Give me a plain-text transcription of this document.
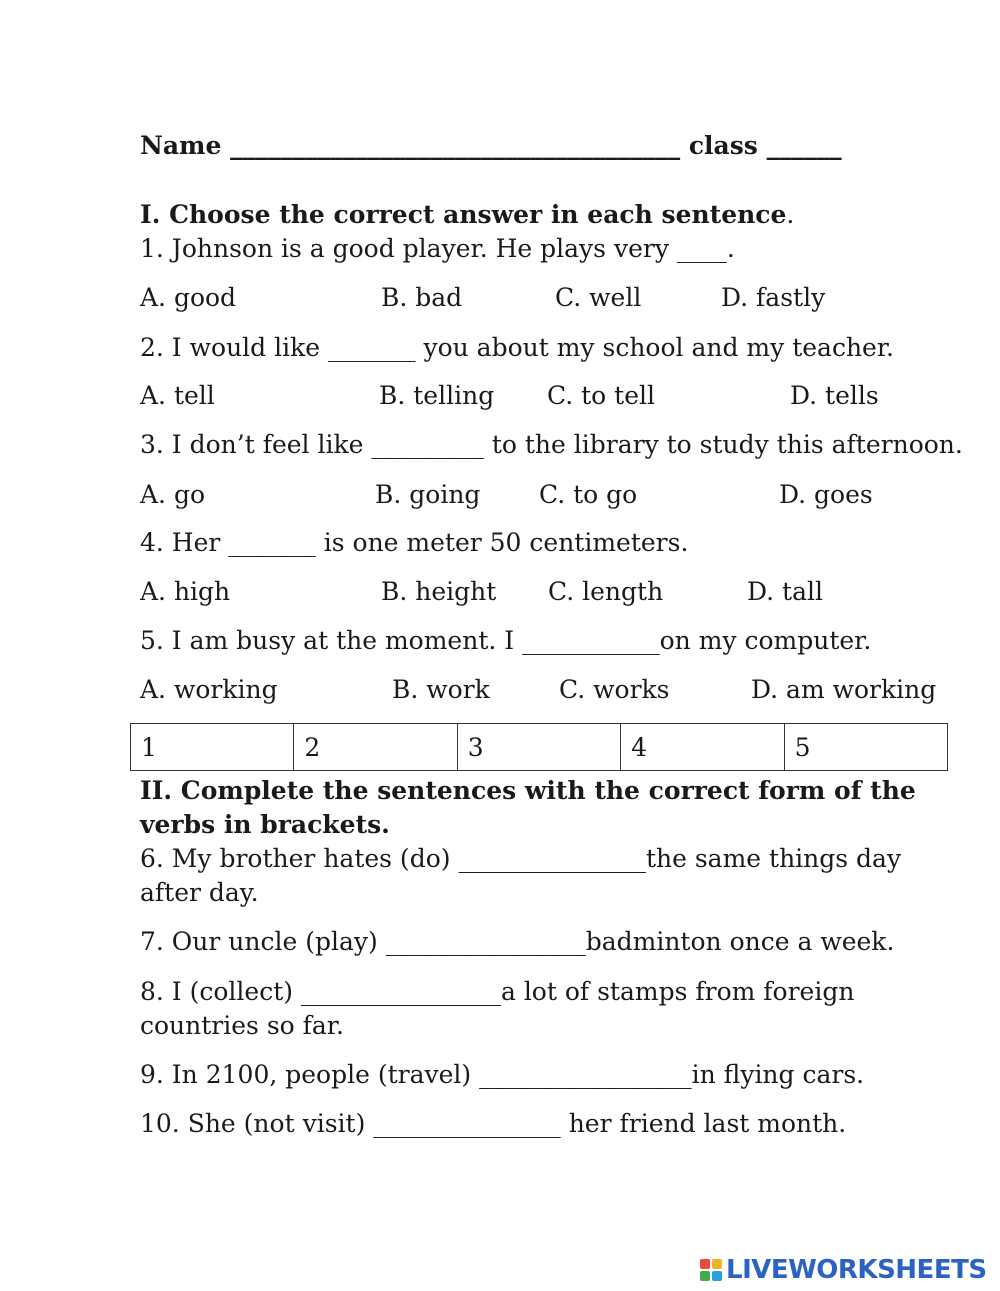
Name ____________________________________ class ______
I. Choose the correct answer in each sentence.
1. Johnson is a good player. He plays very ____.
A. good	B. bad	C. well	D. fastly
2. I would like _______ you about my school and my teacher.
A. tell	B. telling C. to tell	D. tells
3. I don’t feel like _________ to the library to study this afternoon.
A. go	B. going C. to go	D. goes
4. Her _______ is one meter 50 centimeters.
A. high	B. height C. length	D. tall
5. I am busy at the moment. I ___________on my computer.
A. working	B. work	C. works	D. am working
1	2	3	4	5
II. Complete the sentences with the correct form of the
verbs in brackets.
6. My brother hates (do) _______________the same things day
after day.
7. Our uncle (play) ________________badminton once a week.
8. I (collect) ________________a lot of stamps from foreign
countries so far.
9. In 2100, people (travel) _________________in flying cars.
10. She (not visit) _______________ her friend last month.
LIVEWORKSHEETS
